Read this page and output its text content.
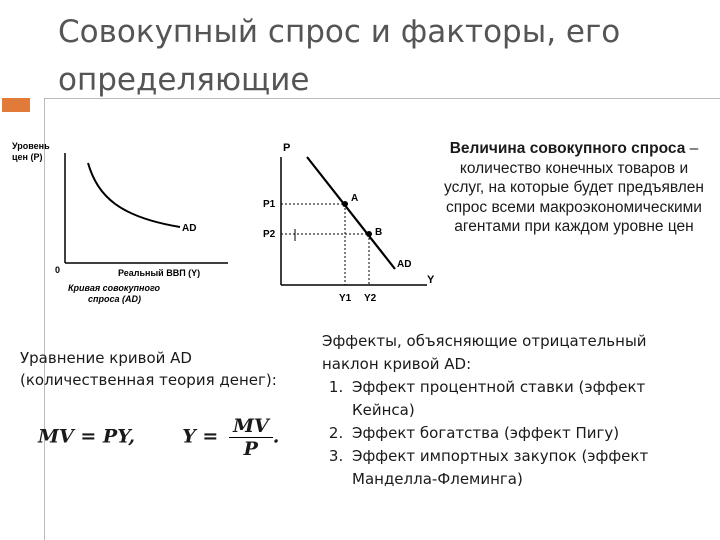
Совокупный спрос и факторы, его
определяющие
Уровень
цен (P)
AD
0	Реальный ВВП (Y)
Кривая совокупного
спроса (AD)
P
Y
A
B
AD
P1
P2
Y1 Y2
Величина совокупного спроса – количество конечных товаров и услуг, на которые будет предъявлен спрос всеми макроэкономическими агентами при каждом уровне цен
Уравнение кривой AD
(количественная теория денег):
MV = PY, $Y = \frac{MV}{P}$ .
Эффекты, объясняющие отрицательный
наклон кривой AD:
1. Эффект процентной ставки (эффект Кейнса)
2. Эффект богатства (эффект Пигу)
3. Эффект импортных закупок (эффект Манделла-Флеминга)
